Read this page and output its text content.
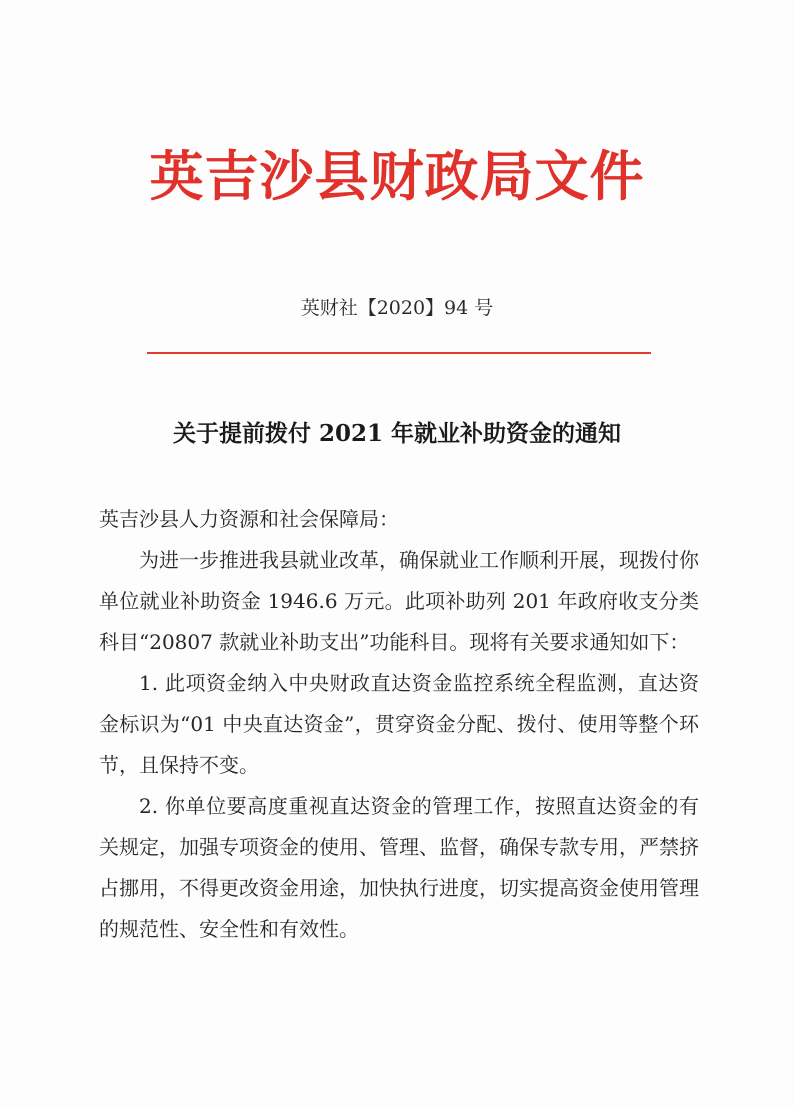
英吉沙县财政局文件
英财社【2020】94 号
关于提前拨付 2021 年就业补助资金的通知

英吉沙县人力资源和社会保障局：

为进一步推进我县就业改革，确保就业工作顺利开展，现拨付你单位就业补助资金 1946.6 万元。此项补助列 201 年政府收支分类科目“20807 款就业补助支出”功能科目。现将有关要求通知如下：

1. 此项资金纳入中央财政直达资金监控系统全程监测，直达资金标识为“01 中央直达资金”，贯穿资金分配、拨付、使用等整个环节，且保持不变。

2. 你单位要高度重视直达资金的管理工作，按照直达资金的有关规定，加强专项资金的使用、管理、监督，确保专款专用，严禁挤占挪用，不得更改资金用途，加快执行进度，切实提高资金使用管理的规范性、安全性和有效性。
